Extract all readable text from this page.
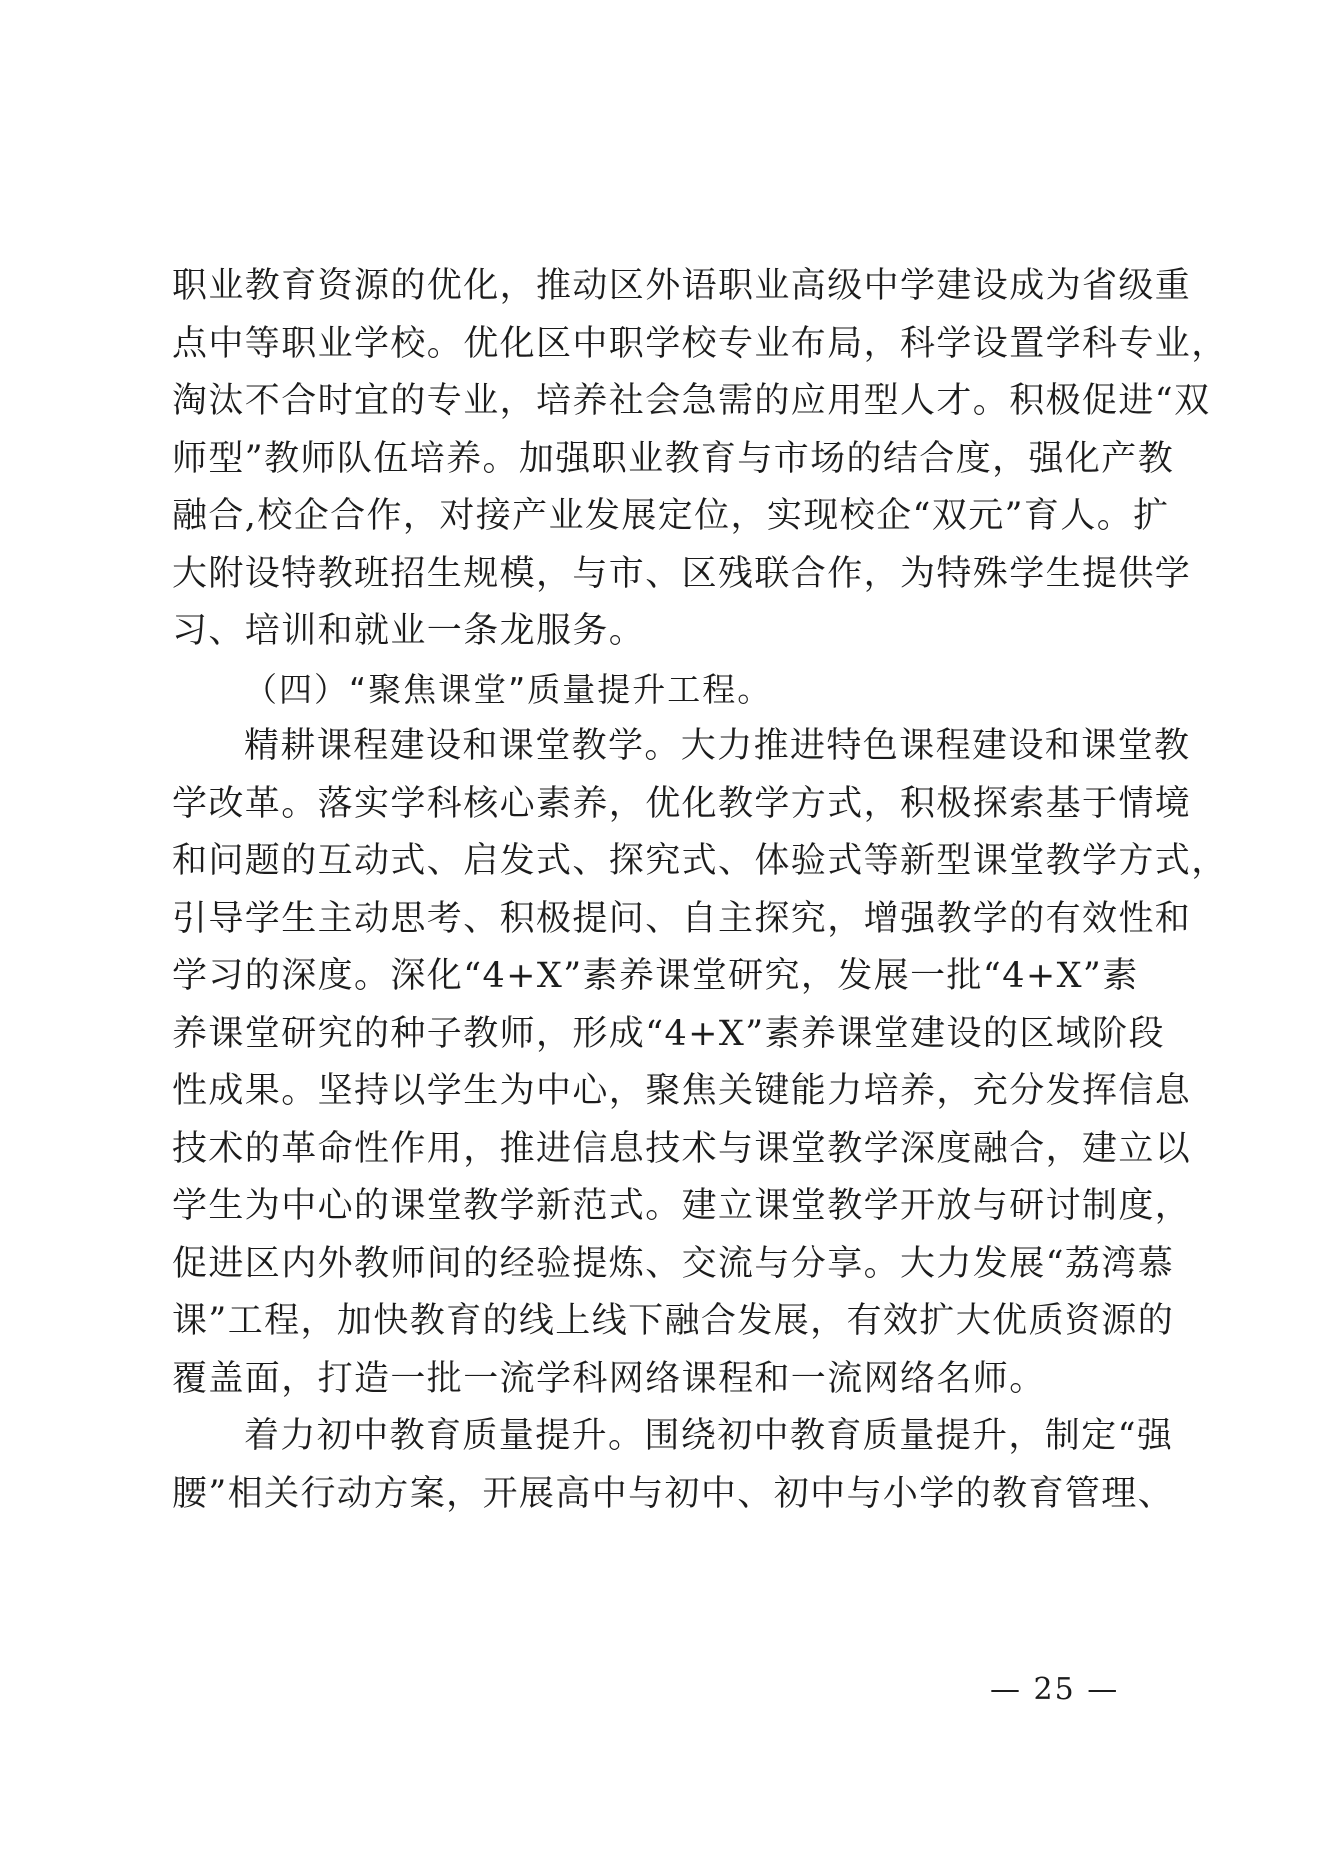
职业教育资源的优化，推动区外语职业高级中学建设成为省级重
点中等职业学校。优化区中职学校专业布局，科学设置学科专业，
淘汰不合时宜的专业，培养社会急需的应用型人才。积极促进“双
师型”教师队伍培养。加强职业教育与市场的结合度，强化产教
融合,校企合作，对接产业发展定位，实现校企“双元”育人。扩
大附设特教班招生规模，与市、区残联合作，为特殊学生提供学
习、培训和就业一条龙服务。
（四）“聚焦课堂”质量提升工程。
精耕课程建设和课堂教学。大力推进特色课程建设和课堂教
学改革。落实学科核心素养，优化教学方式，积极探索基于情境
和问题的互动式、启发式、探究式、体验式等新型课堂教学方式，
引导学生主动思考、积极提问、自主探究，增强教学的有效性和
学习的深度。深化“4+X”素养课堂研究，发展一批“4+X”素
养课堂研究的种子教师，形成“4+X”素养课堂建设的区域阶段
性成果。坚持以学生为中心，聚焦关键能力培养，充分发挥信息
技术的革命性作用，推进信息技术与课堂教学深度融合，建立以
学生为中心的课堂教学新范式。建立课堂教学开放与研讨制度，
促进区内外教师间的经验提炼、交流与分享。大力发展“荔湾慕
课”工程，加快教育的线上线下融合发展，有效扩大优质资源的
覆盖面，打造一批一流学科网络课程和一流网络名师。
着力初中教育质量提升。围绕初中教育质量提升，制定“强
腰”相关行动方案，开展高中与初中、初中与小学的教育管理、
— 25 —
